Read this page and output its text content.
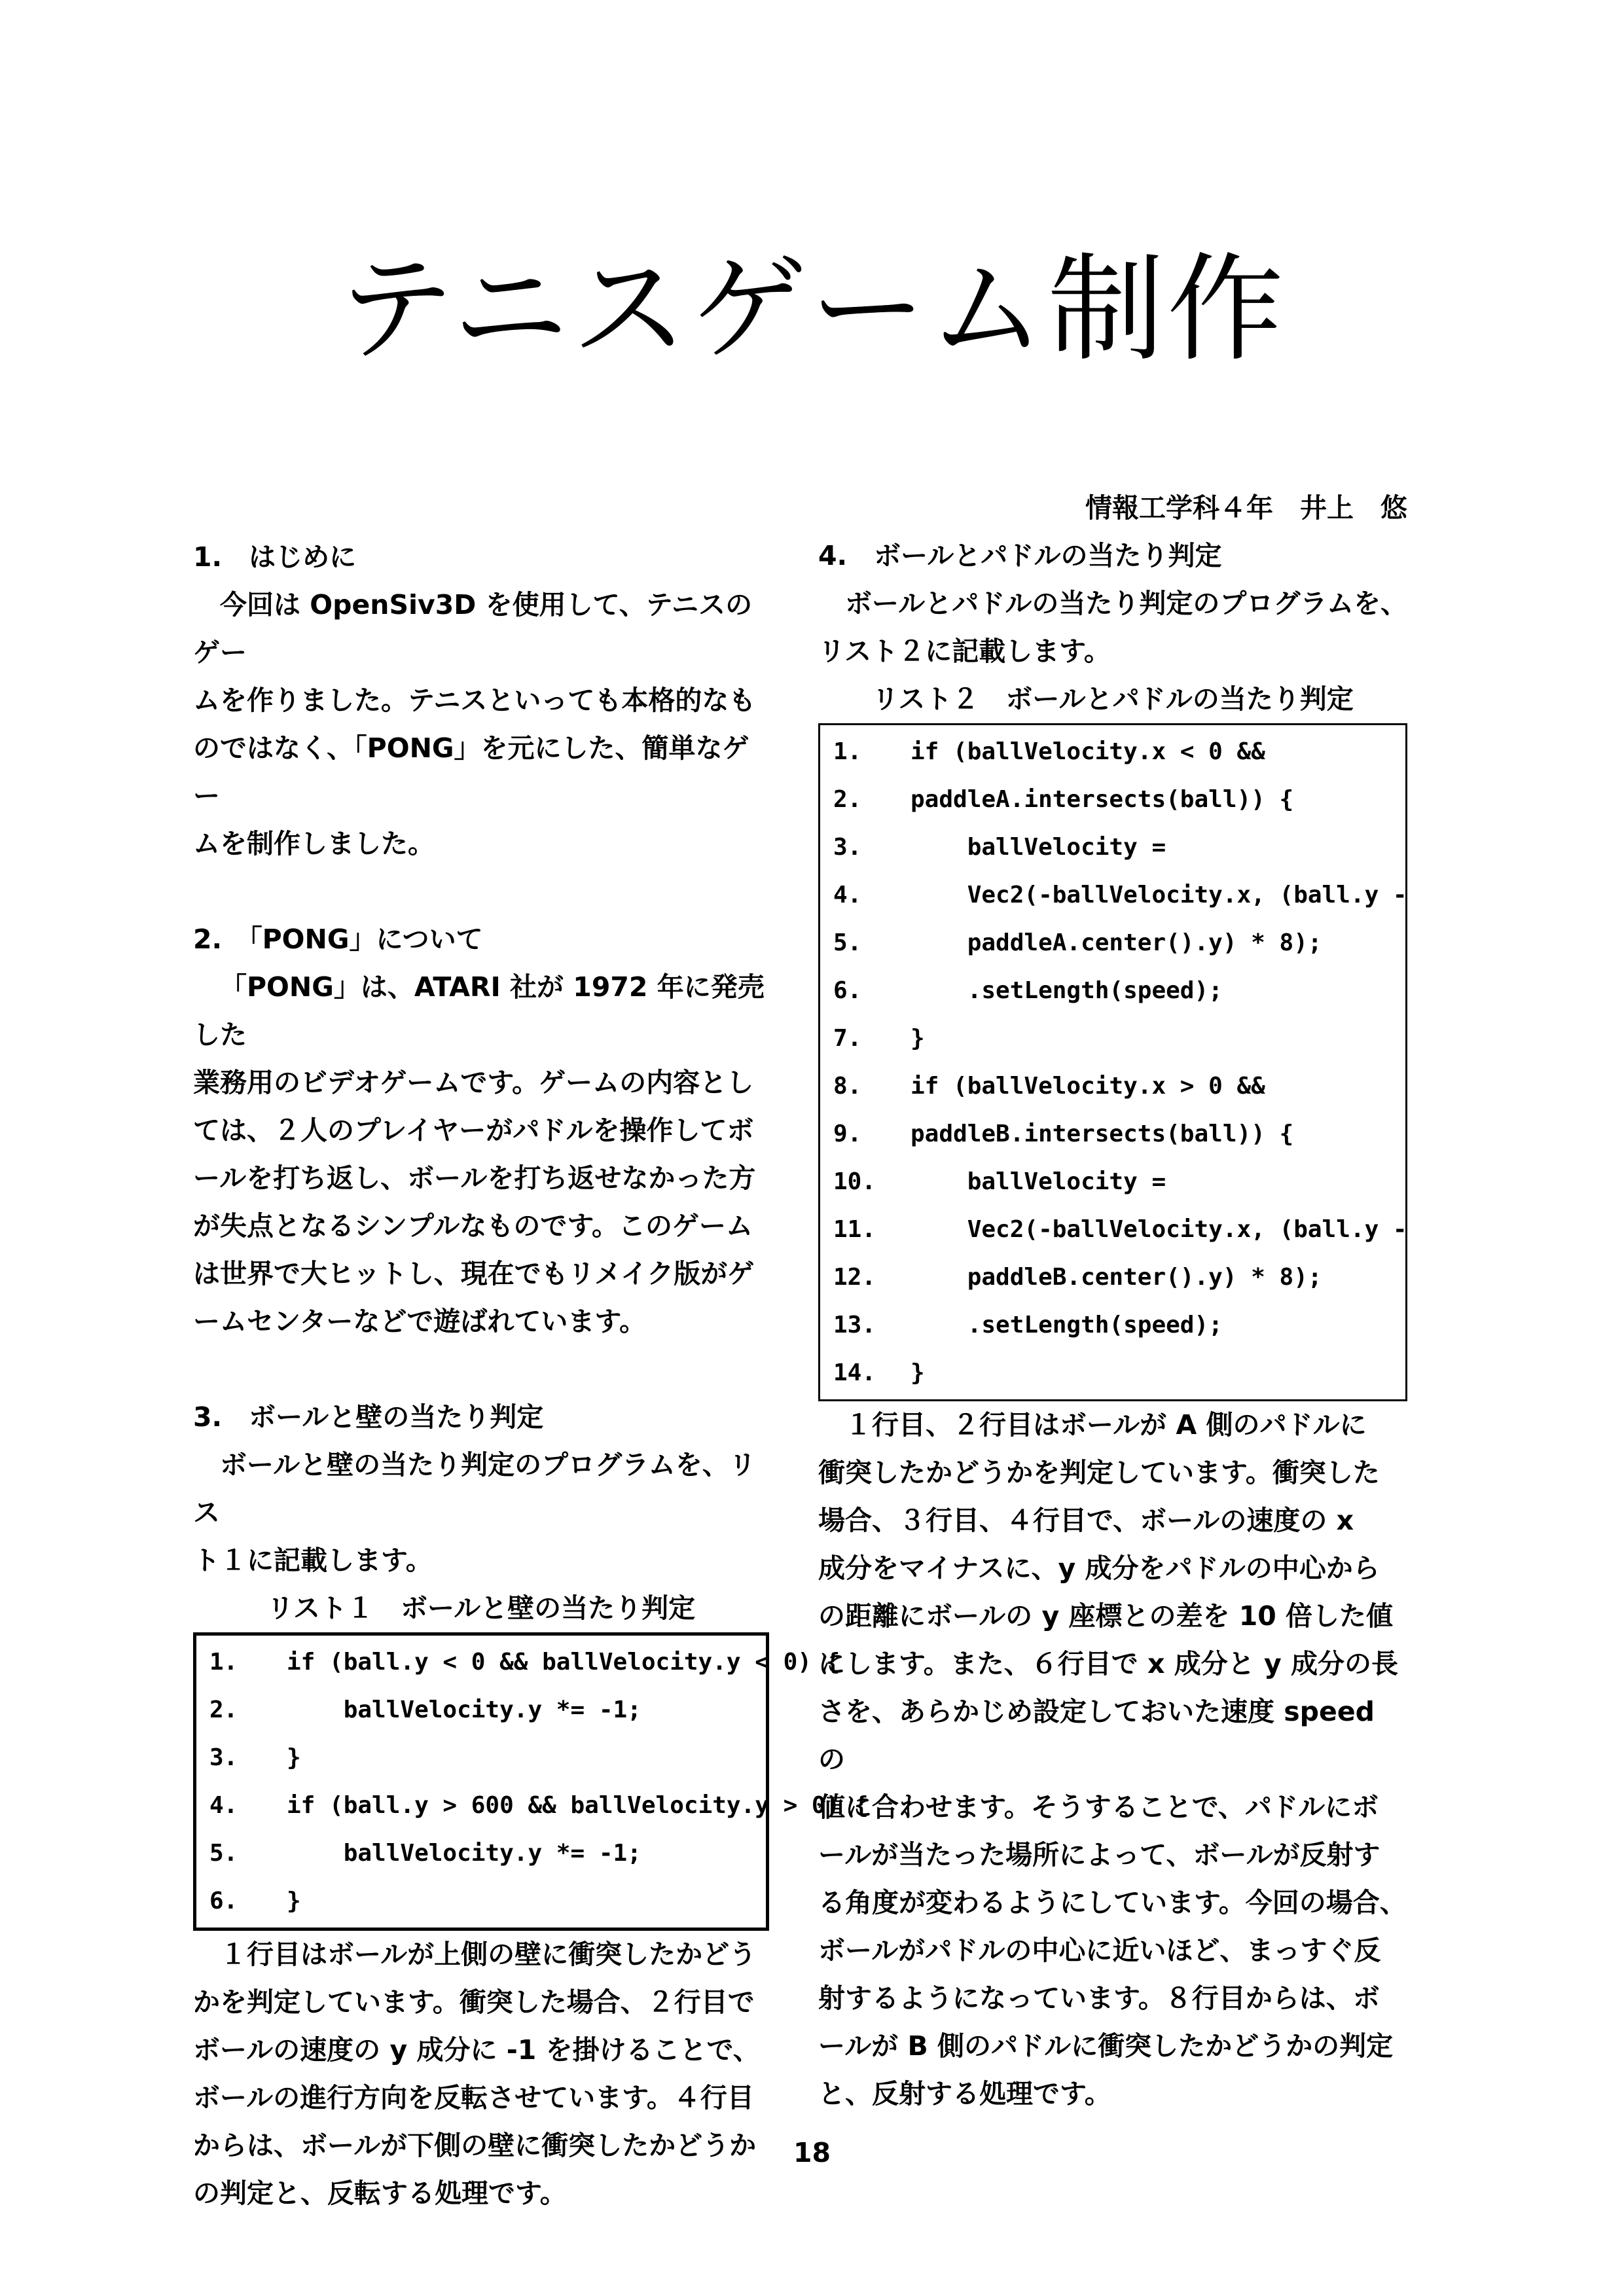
テニスゲーム制作

1.　はじめに

今回は OpenSiv3D を使用して、テニスのゲー

ムを作りました。テニスといっても本格的なも

のではなく、「PONG」を元にした、簡単なゲー

ムを制作しました。

2.　「PONG」について

「PONG」は、ATARI 社が 1972 年に発売した

業務用のビデオゲームです。ゲームの内容とし

ては、２人のプレイヤーがパドルを操作してボ

ールを打ち返し、ボールを打ち返せなかった方

が失点となるシンプルなものです。このゲーム

は世界で大ヒットし、現在でもリメイク版がゲ

ームセンターなどで遊ばれています。

3.　ボールと壁の当たり判定

ボールと壁の当たり判定のプログラムを、リス

ト１に記載します。

リスト１　ボールと壁の当たり判定

1.	if (ball.y < 0 && ballVelocity.y < 0) {
2.	ballVelocity.y *= -1;
3.	}
4.	if (ball.y > 600 && ballVelocity.y > 0) {
5.	ballVelocity.y *= -1;
6.	}

１行目はボールが上側の壁に衝突したかどう

かを判定しています。衝突した場合、２行目で

ボールの速度の y 成分に -1 を掛けることで、

ボールの進行方向を反転させています。４行目

からは、ボールが下側の壁に衝突したかどうか

の判定と、反転する処理です。

情報工学科４年　井上　悠

4.　ボールとパドルの当たり判定

ボールとパドルの当たり判定のプログラムを、

リスト２に記載します。

リスト２　ボールとパドルの当たり判定

1.	if (ballVelocity.x < 0 &&
2.	paddleA.intersects(ball)) {
3.	ballVelocity =
4.	Vec2(-ballVelocity.x, (ball.y -
5.	paddleA.center().y) * 8);
6.	.setLength(speed);
7.	}
8.	if (ballVelocity.x > 0 &&
9.	paddleB.intersects(ball)) {
10.	ballVelocity =
11.	Vec2(-ballVelocity.x, (ball.y -
12.	paddleB.center().y) * 8);
13.	.setLength(speed);
14.	}

１行目、２行目はボールが A 側のパドルに

衝突したかどうかを判定しています。衝突した

場合、３行目、４行目で、ボールの速度の x

成分をマイナスに、y 成分をパドルの中心から

の距離にボールの y 座標との差を 10 倍した値

にします。また、６行目で x 成分と y 成分の長

さを、あらかじめ設定しておいた速度 speed の

値に合わせます。そうすることで、パドルにボ

ールが当たった場所によって、ボールが反射す

る角度が変わるようにしています。今回の場合、

ボールがパドルの中心に近いほど、まっすぐ反

射するようになっています。８行目からは、ボ

ールが B 側のパドルに衝突したかどうかの判定

と、反射する処理です。

18
